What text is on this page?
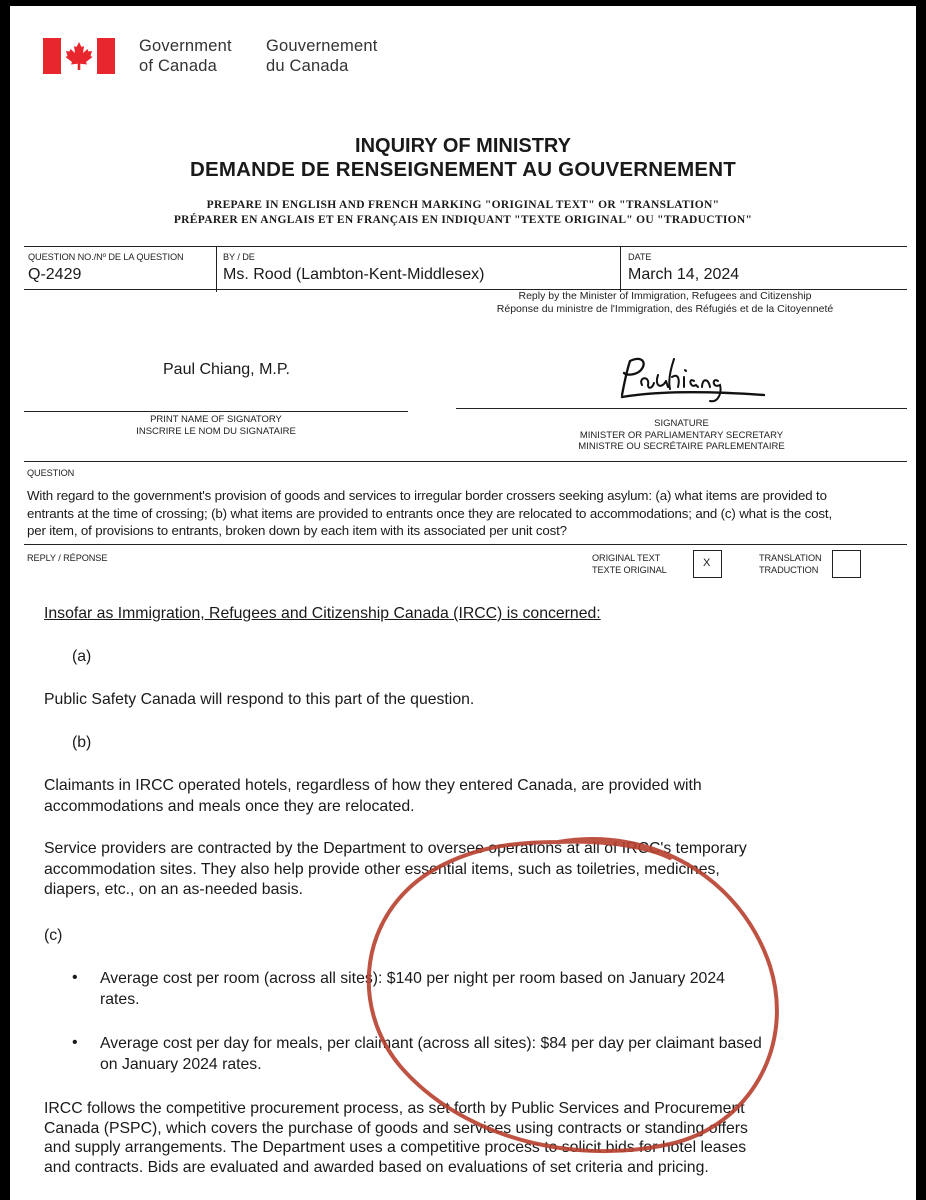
Government
of Canada
Gouvernement
du Canada
INQUIRY OF MINISTRY
DEMANDE DE RENSEIGNEMENT AU GOUVERNEMENT
PREPARE IN ENGLISH AND FRENCH MARKING "ORIGINAL TEXT" OR "TRANSLATION"
PRÉPARER EN ANGLAIS ET EN FRANÇAIS EN INDIQUANT "TEXTE ORIGINAL" OU "TRADUCTION"
QUESTION NO./Nº DE LA QUESTION
Q-2429
BY / DE
Ms. Rood (Lambton-Kent-Middlesex)
DATE
March 14, 2024
Reply by the Minister of Immigration, Refugees and Citizenship
Réponse du ministre de l'Immigration, des Réfugiés et de la Citoyenneté
Paul Chiang, M.P.
PRINT NAME OF SIGNATORY
INSCRIRE LE NOM DU SIGNATAIRE
SIGNATURE
MINISTER OR PARLIAMENTARY SECRETARY
MINISTRE OU SECRÉTAIRE PARLEMENTAIRE
QUESTION
With regard to the government's provision of goods and services to irregular border crossers seeking asylum: (a) what items are provided to
entrants at the time of crossing; (b) what items are provided to entrants once they are relocated to accommodations; and (c) what is the cost,
per item, of provisions to entrants, broken down by each item with its associated per unit cost?
REPLY / RÉPONSE	ORIGINAL TEXT
TEXTE ORIGINAL
X	TRANSLATION
TRADUCTION
Insofar as Immigration, Refugees and Citizenship Canada (IRCC) is concerned:
(a)
Public Safety Canada will respond to this part of the question.
(b)
Claimants in IRCC operated hotels, regardless of how they entered Canada, are provided with
accommodations and meals once they are relocated.
Service providers are contracted by the Department to oversee operations at all of IRCC's temporary
accommodation sites. They also help provide other essential items, such as toiletries, medicines,
diapers, etc., on an as-needed basis.
(c)
• Average cost per room (across all sites): $140 per night per room based on January 2024
rates.
• Average cost per day for meals, per claimant (across all sites): $84 per day per claimant based
on January 2024 rates.
IRCC follows the competitive procurement process, as set forth by Public Services and Procurement
Canada (PSPC), which covers the purchase of goods and services using contracts or standing offers
and supply arrangements. The Department uses a competitive process to solicit bids for hotel leases
and contracts. Bids are evaluated and awarded based on evaluations of set criteria and pricing.
